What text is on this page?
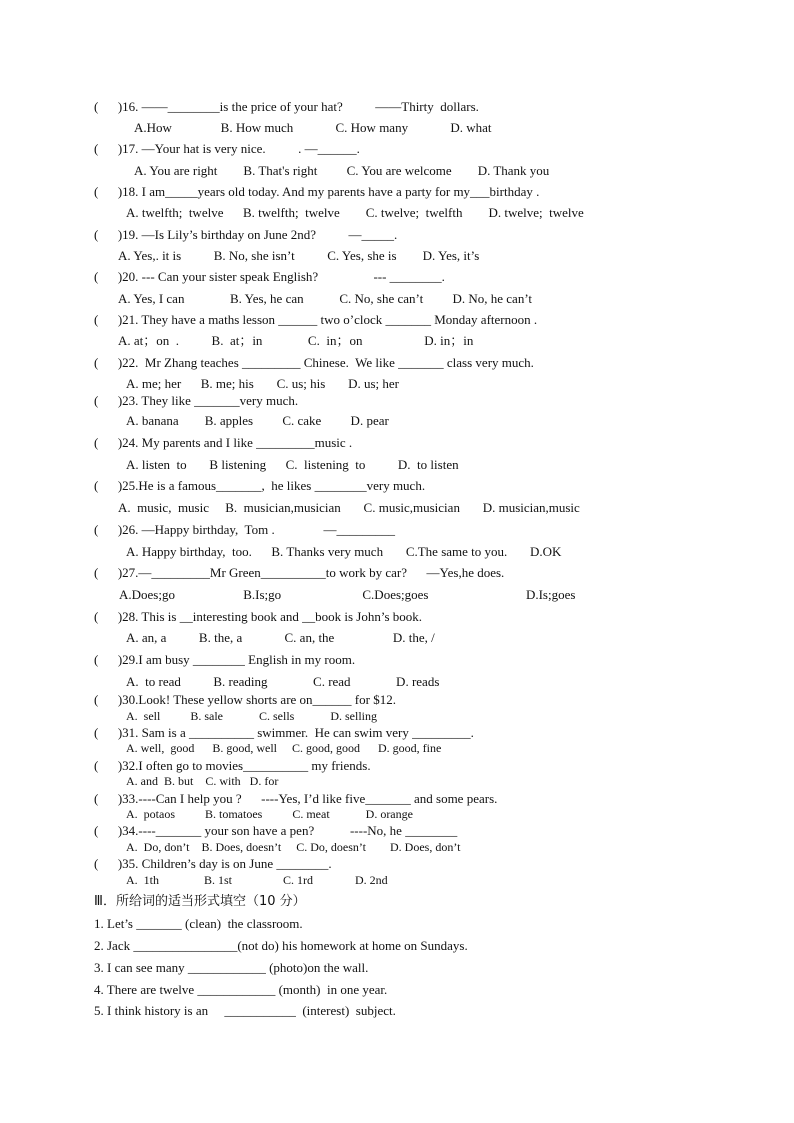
(      )16. ——________is the price of your hat?          ——Thirty  dollars.
A.How               B. How much             C. How many             D. what
(      )17. —Your hat is very nice.          . —______.
A. You are right        B. That's right         C. You are welcome        D. Thank you
(      )18. I am_____years old today. And my parents have a party for my___birthday .
A. twelfth;  twelve      B. twelfth;  twelve        C. twelve;  twelfth        D. twelve;  twelve
(      )19. —Is Lily’s birthday on June 2nd?          —_____.
A. Yes,. it is          B. No, she isn’t          C. Yes, she is        D. Yes, it’s
(      )20. --- Can your sister speak English?                 --- ________.
A. Yes, I can              B. Yes, he can           C. No, she can’t         D. No, he can’t
(      )21. They have a maths lesson ______ two o’clock _______ Monday afternoon .
A. at；on  .          B.  at；in              C.  in；on                   D. in；in
(      )22.  Mr Zhang teaches _________ Chinese.  We like _______ class very much.
A. me; her      B. me; his       C. us; his       D. us; her
(      )23. They like _______very much.
A. banana        B. apples         C. cake         D. pear
(      )24. My parents and I like _________music .
A. listen  to       B listening      C.  listening  to          D.  to listen
(      )25.He is a famous_______,  he likes ________very much.
A.  music,  music     B.  musician,musician       C. music,musician       D. musician,music
(      )26. —Happy birthday,  Tom .               —_________
A. Happy birthday,  too.      B. Thanks very much       C.The same to you.       D.OK
(      )27.—_________Mr Green__________to work by car?      —Yes,he does.
A.Does;go                     B.Is;go                         C.Does;goes                              D.Is;goes
(      )28. This is __interesting book and __book is John’s book.
A. an, a          B. the, a             C. an, the                  D. the, /
(      )29.I am busy ________ English in my room.
A.  to read          B. reading              C. read              D. reads
(      )30.Look! These yellow shorts are on______ for $12.
A.  sell          B. sale            C. sells            D. selling
(      )31. Sam is a __________ swimmer.  He can swim very _________.
A. well,  good      B. good, well     C. good, good      D. good, fine
(      )32.I often go to movies__________ my friends.
A. and  B. but    C. with   D. for
(      )33.----Can I help you ?      ----Yes, I’d like five_______ and some pears.
A.  potaos          B. tomatoes          C. meat            D. orange
(      )34.----_______ your son have a pen?           ----No, he ________
A.  Do, don’t    B. Does, doesn’t     C. Do, doesn’t        D. Does, don’t
(      )35. Children’s day is on June ________.
A.  1th               B. 1st                 C. 1rd              D. 2nd
Ⅲ．所给词的适当形式填空（10 分）
1. Let’s _______ (clean)  the classroom.
2. Jack ________________(not do) his homework at home on Sundays.
3. I can see many ____________ (photo)on the wall.
4. There are twelve ____________ (month)  in one year.
5. I think history is an     ___________  (interest)  subject.
